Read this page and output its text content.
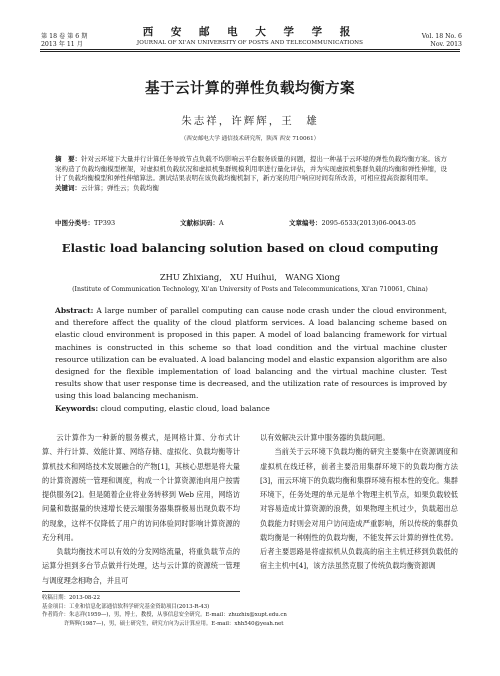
第 18 卷 第 6 期
2013 年 11 月
西 安 邮 电 大 学 学 报
JOURNAL OF XI'AN UNIVERSITY OF POSTS AND TELECOMMUNICATIONS
Vol. 18 No. 6
Nov. 2013
基于云计算的弹性负载均衡方案
朱志祥，许辉辉，王　雄
（西安邮电大学 通信技术研究所，陕西 西安 710061）
摘　要：针对云环境下大量并行计算任务导致节点负载不均影响云平台服务质量的问题，提出一种基于云环境的弹性负载均衡方案。该方案构造了负载均衡模型框架，对虚拟机负载状况和虚拟机集群规模利用率进行量化评估，并为实现虚拟机集群负载的均衡和弹性伸缩，设计了负载均衡模型和弹性伸缩算法。测试结果表明在该负载均衡机制下，新方案的用户响应时间有所改善，可相应提高资源利用率。
关键词：云计算；弹性云；负载均衡
中图分类号：TP393	文献标识码：A	文章编号：2095-6533(2013)06-0043-05
Elastic load balancing solution based on cloud computing
ZHU Zhixiang,　XU Huihui,　WANG Xiong
(Institute of Communication Technology, Xi'an University of Posts and Telecommunications, Xi'an 710061, China)
Abstract: A large number of parallel computing can cause node crash under the cloud environment, and therefore affect the quality of the cloud platform services. A load balancing scheme based on elastic cloud environment is proposed in this paper. A model of load balancing framework for virtual machines is constructed in this scheme so that load condition and the virtual machine cluster resource utilization can be evaluated. A load balancing model and elastic expansion algorithm are also designed for the flexible implementation of load balancing and the virtual machine cluster. Test results show that user response time is decreased, and the utilization rate of resources is improved by using this load balancing mechanism.
Keywords: cloud computing, elastic cloud, load balance

云计算作为一种新的服务模式，是网格计算、分布式计算、并行计算、效能计算、网络存储、虚拟化、负载均衡等计算机技术和网络技术发展融合的产物[1]，其核心思想是将大量的计算资源统一管理和调度，构成一个计算资源池向用户按需提供服务[2]。但是随着企业将业务转移到 Web 应用，网络访问量和数据量的快速增长使云端服务器集群极易出现负载不均的现象，这样不仅降低了用户的访问体验同时影响计算资源的充分利用。

负载均衡技术可以有效的分发网络流量，将重负载节点的运算分担到多台节点做并行处理，达与云计算的资源统一管理与调度理念相吻合，并且可

以有效解决云计算中服务器的负载问题。

当前关于云环境下负载均衡的研究主要集中在资源调度和虚拟机在线迁移，前者主要沿用集群环境下的负载均衡方法[3]，而云环境下的负载均衡和集群环境有根本性的变化。集群环境下，任务处理的单元是单个物理主机节点，如果负载较低对容易造成计算资源的浪费，如果物理主机过少，负载超出总负载能力时则会对用户访问造成严重影响，所以传统的集群负载均衡是一种刚性的负载均衡，不能发挥云计算的弹性优势。后者主要思路是将虚拟机从负载高的宿主主机迁移到负载低的宿主主机中[4]，该方法虽然克服了传统负载均衡资源调

收稿日期：2013-08-22
基金项目：工业和信息化部通信软科学研究基金资助项目(2013-R-43)
作者简介：朱志祥(1959—)，男，博士，教授，从事信息安全研究。E-mail：zhuzhix@xupt.edu.cn
许辉辉(1987—)，男，硕士研究生，研究方向为云计算应用。E-mail：xhh540@yeah.net
